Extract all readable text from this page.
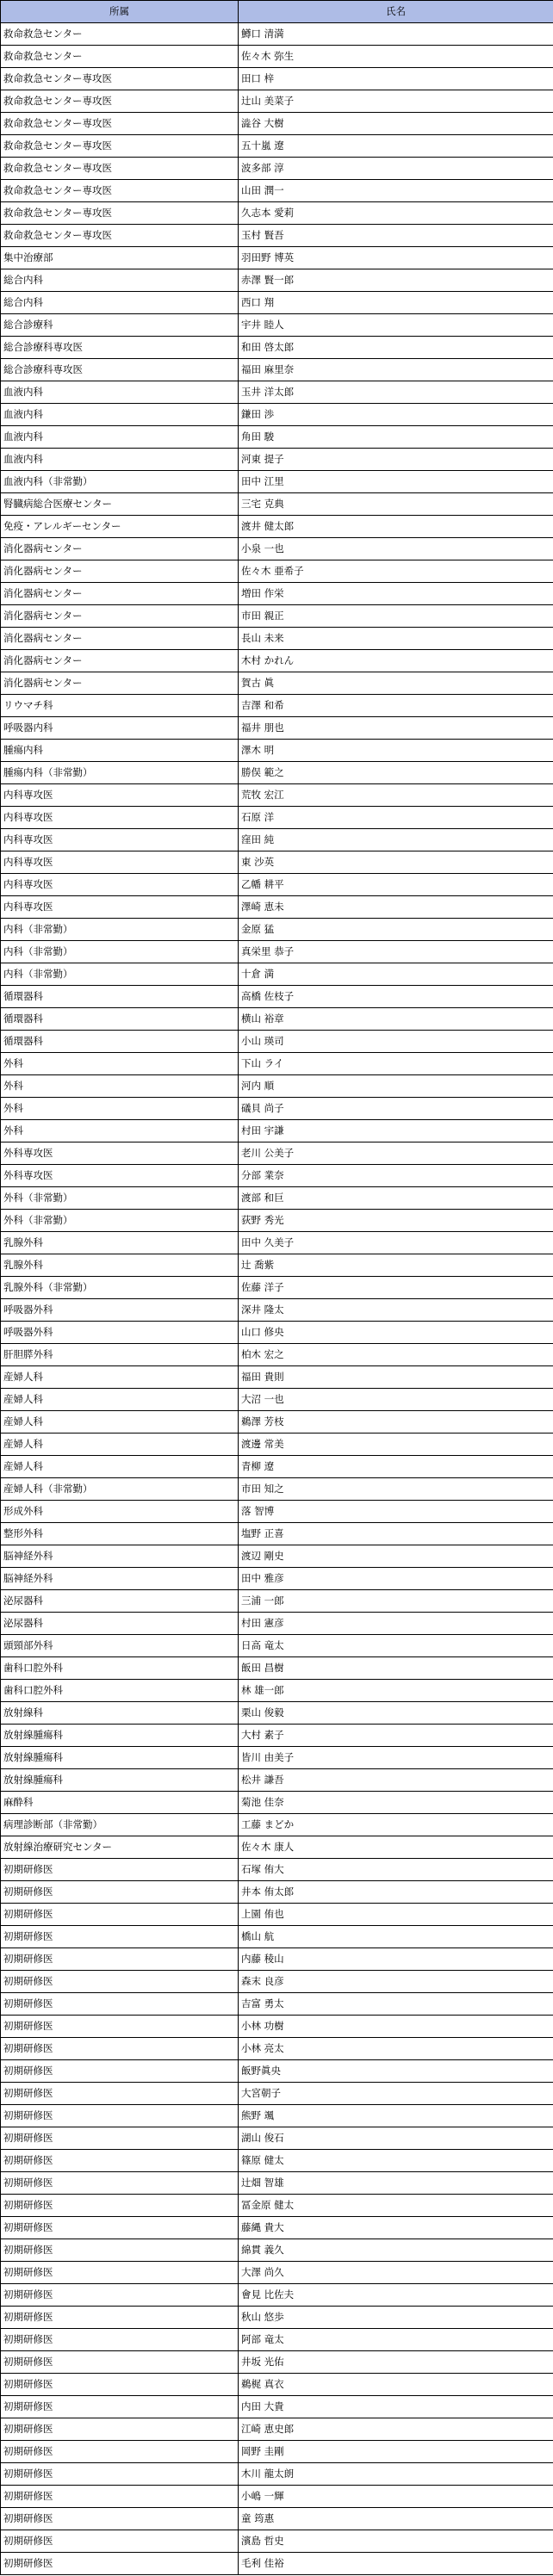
所属	氏名
救命救急センター	鱒口 清満
救命救急センター	佐々木 弥生
救命救急センター専攻医	田口 梓
救命救急センター専攻医	辻山 美菜子
救命救急センター専攻医	澁谷 大樹
救命救急センター専攻医	五十嵐 遼
救命救急センター専攻医	波多部 淳
救命救急センター専攻医	山田 潤一
救命救急センター専攻医	久志本 愛莉
救命救急センター専攻医	玉村 賢吾
集中治療部	羽田野 博英
総合内科	赤澤 賢一郎
総合内科	西口 翔
総合診療科	宇井 睦人
総合診療科専攻医	和田 啓太郎
総合診療科専攻医	福田 麻里奈
血液内科	玉井 洋太郎
血液内科	鎌田 渉
血液内科	角田 駿
血液内科	河東 提子
血液内科（非常勤）	田中 江里
腎臓病総合医療センター	三宅 克典
免疫・アレルギーセンター	渡井 健太郎
消化器病センター	小泉 一也
消化器病センター	佐々木 亜希子
消化器病センター	増田 作栄
消化器病センター	市田 親正
消化器病センター	長山 未来
消化器病センター	木村 かれん
消化器病センター	賀古 眞
リウマチ科	吉澤 和希
呼吸器内科	福井 朋也
腫瘍内科	澤木 明
腫瘍内科（非常勤）	勝俣 範之
内科専攻医	荒牧 宏江
内科専攻医	石原 洋
内科専攻医	窪田 純
内科専攻医	東 沙英
内科専攻医	乙幡 耕平
内科専攻医	澤崎 恵未
内科（非常勤）	金原 猛
内科（非常勤）	真栄里 恭子
内科（非常勤）	十倉 満
循環器科	高橋 佐枝子
循環器科	横山 裕章
循環器科	小山 瑛司
外科	下山 ライ
外科	河内 順
外科	礒貝 尚子
外科	村田 宇謙
外科専攻医	老川 公美子
外科専攻医	分部 業奈
外科（非常勤）	渡部 和巨
外科（非常勤）	荻野 秀光
乳腺外科	田中 久美子
乳腺外科	辻 喬紫
乳腺外科（非常勤）	佐藤 洋子
呼吸器外科	深井 隆太
呼吸器外科	山口 修央
肝胆膵外科	柏木 宏之
産婦人科	福田 貴則
産婦人科	大沼 一也
産婦人科	鵜澤 芳枝
産婦人科	渡邊 常美
産婦人科	青柳 遼
産婦人科（非常勤）	市田 知之
形成外科	落 智博
整形外科	塩野 正喜
脳神経外科	渡辺 剛史
脳神経外科	田中 雅彦
泌尿器科	三浦 一郎
泌尿器科	村田 憲彦
頭頸部外科	日高 竜太
歯科口腔外科	飯田 昌樹
歯科口腔外科	林 雄一郎
放射線科	栗山 俊毅
放射線腫瘍科	大村 素子
放射線腫瘍科	皆川 由美子
放射線腫瘍科	松井 謙吾
麻酔科	菊池 佳奈
病理診断部（非常勤）	工藤 まどか
放射線治療研究センター	佐々木 康人
初期研修医	石塚 侑大
初期研修医	井本 侑太郎
初期研修医	上園 侑也
初期研修医	橋山 航
初期研修医	内藤 稜山
初期研修医	森末 良彦
初期研修医	吉富 勇太
初期研修医	小林 功樹
初期研修医	小林 亮太
初期研修医	飯野眞央
初期研修医	大宮朝子
初期研修医	熊野 颯
初期研修医	湖山 俊石
初期研修医	篠原 健太
初期研修医	辻畑 智雄
初期研修医	冨金原 健太
初期研修医	藤縄 貴大
初期研修医	綿貫 義久
初期研修医	大澤 尚久
初期研修医	會見 比佐夫
初期研修医	秋山 悠歩
初期研修医	阿部 竜太
初期研修医	井坂 光佑
初期研修医	鵜梶 真衣
初期研修医	内田 大貴
初期研修医	江崎 恵史郎
初期研修医	岡野 圭剛
初期研修医	木川 龍太朗
初期研修医	小嶋 一輝
初期研修医	童 筠惠
初期研修医	濱島 哲史
初期研修医	毛利 佳裕
